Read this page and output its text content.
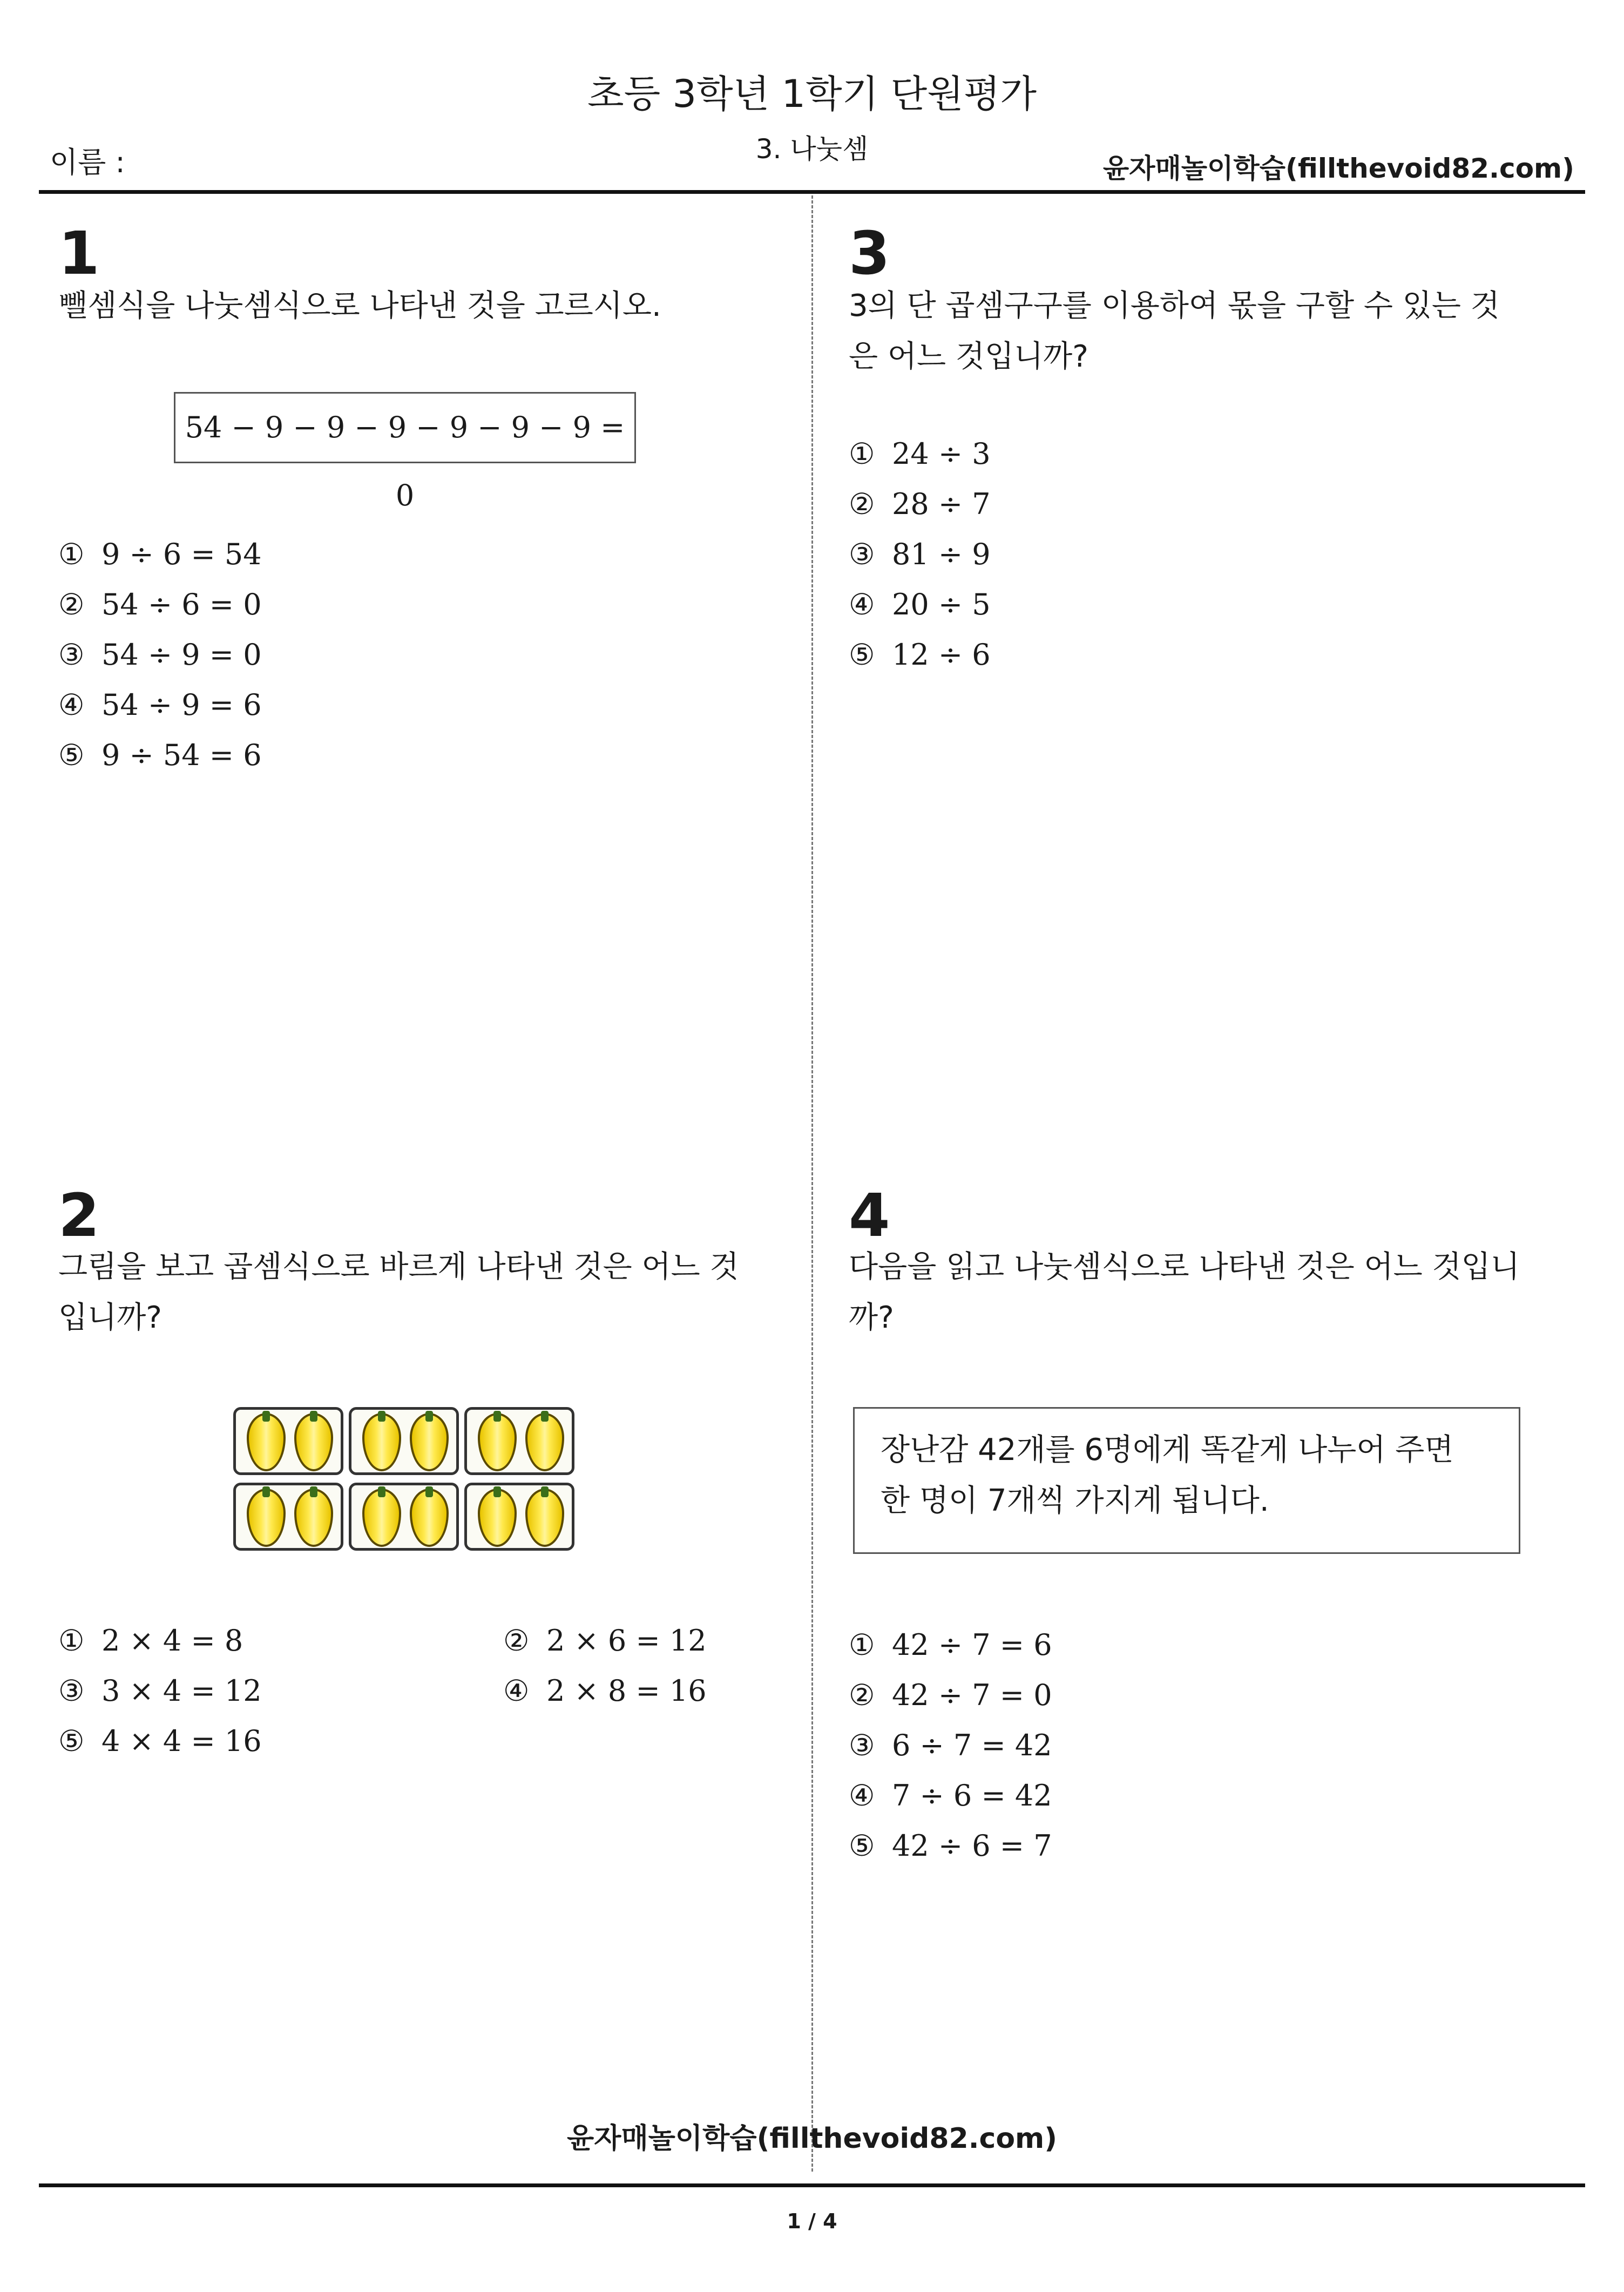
초등 3학년 1학기 단원평가
3. 나눗셈
이름 :	윤자매놀이학습(fillthevoid82.com)
1
뺄셈식을 나눗셈식으로 나타낸 것을 고르시오.
54 − 9 − 9 − 9 − 9 − 9 − 9 = 0
① 9 ÷ 6 = 54
② 54 ÷ 6 = 0
③ 54 ÷ 9 = 0
④ 54 ÷ 9 = 6
⑤ 9 ÷ 54 = 6
3
3의 단 곱셈구구를 이용하여 몫을 구할 수 있는 것
은 어느 것입니까?
① 24 ÷ 3
② 28 ÷ 7
③ 81 ÷ 9
④ 20 ÷ 5
⑤ 12 ÷ 6
2
그림을 보고 곱셈식으로 바르게 나타낸 것은 어느 것
입니까?
① 2 × 4 = 8	② 2 × 6 = 12
③ 3 × 4 = 12	④ 2 × 8 = 16
⑤ 4 × 4 = 16
4
다음을 읽고 나눗셈식으로 나타낸 것은 어느 것입니
까?
장난감 42개를 6명에게 똑같게 나누어 주면
한 명이 7개씩 가지게 됩니다.
① 42 ÷ 7 = 6
② 42 ÷ 7 = 0
③ 6 ÷ 7 = 42
④ 7 ÷ 6 = 42
⑤ 42 ÷ 6 = 7
윤자매놀이학습(fillthevoid82.com)
1 / 4
